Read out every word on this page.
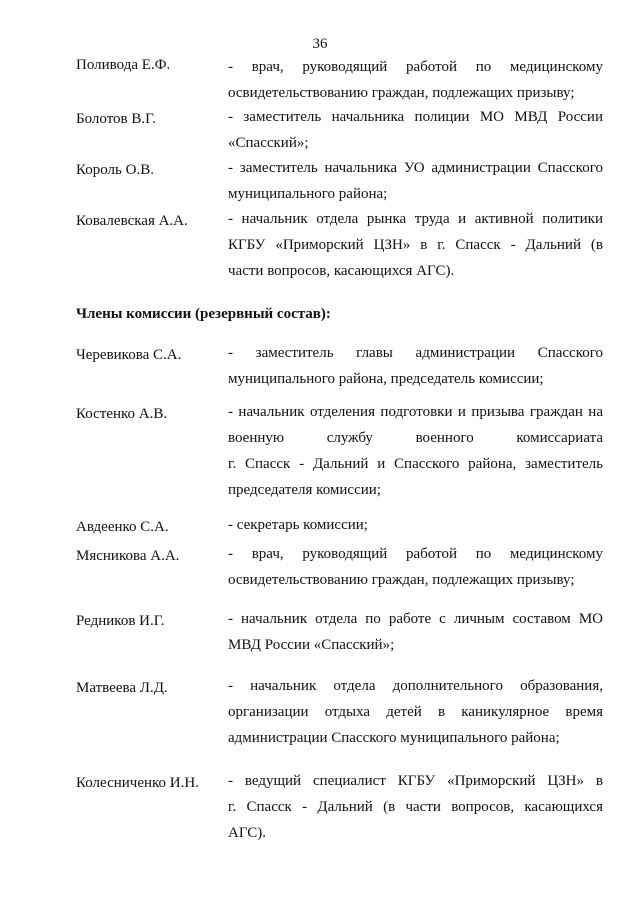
36
Поливода Е.Ф.	- врач, руководящий работой по медицинскому
освидетельствованию граждан, подлежащих призыву;
Болотов В.Г.	- заместитель начальника полиции МО МВД России
«Спасский»;
Король О.В.	- заместитель начальника УО администрации Спасского
муниципального района;
Ковалевская А.А.	- начальник отдела рынка труда и активной политики
КГБУ «Приморский ЦЗН» в г. Спасск - Дальний (в
части вопросов, касающихся АГС).
Члены комиссии (резервный состав):
Черевикова С.А.	- заместитель главы администрации Спасского
муниципального района, председатель комиссии;
Костенко А.В.	- начальник отделения подготовки и призыва граждан на
военную службу военного комиссариата
г. Спасск - Дальний и Спасского района, заместитель
председателя комиссии;
Авдеенко С.А.	- секретарь комиссии;
Мясникова А.А.	- врач, руководящий работой по медицинскому
освидетельствованию граждан, подлежащих призыву;
Редников И.Г.	- начальник отдела по работе с личным составом МО
МВД России «Спасский»;
Матвеева Л.Д.	- начальник отдела дополнительного образования,
организации отдыха детей в каникулярное время
администрации Спасского муниципального района;
Колесниченко И.Н.	- ведущий специалист КГБУ «Приморский ЦЗН» в
г. Спасск - Дальний (в части вопросов, касающихся
АГС).
